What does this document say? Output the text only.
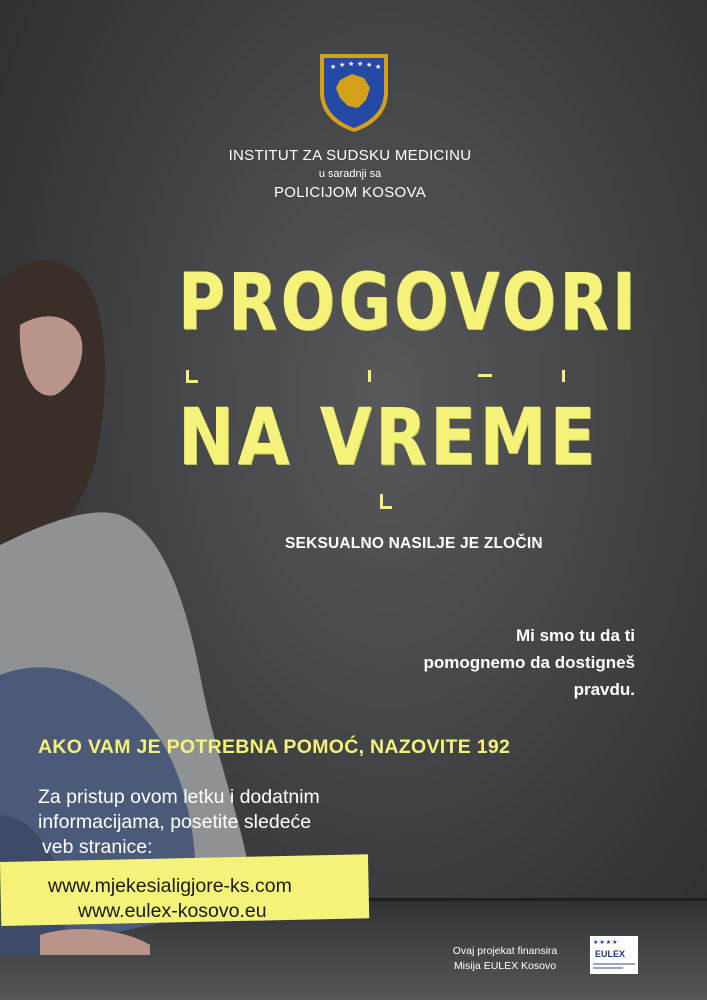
★ ★ ★ ★ ★ ★
INSTITUT ZA SUDSKU MEDICINU
u saradnji sa
POLICIJOM KOSOVA
PROGOVORI
NA VREME
SEKSUALNO NASILJE JE ZLOČIN
Mi smo tu da ti
pomognemo da dostigneš
pravdu.
AKO VAM JE POTREBNA POMOĆ, NAZOVITE 192
Za pristup ovom letku i dodatnim
informacijama, posetite sledeće
veb stranice:
www.mjekesialigjore-ks.com
www.eulex-kosovo.eu
Ovaj projekat finansira
Misija EULEX Kosovo
★★★★
EULEX
